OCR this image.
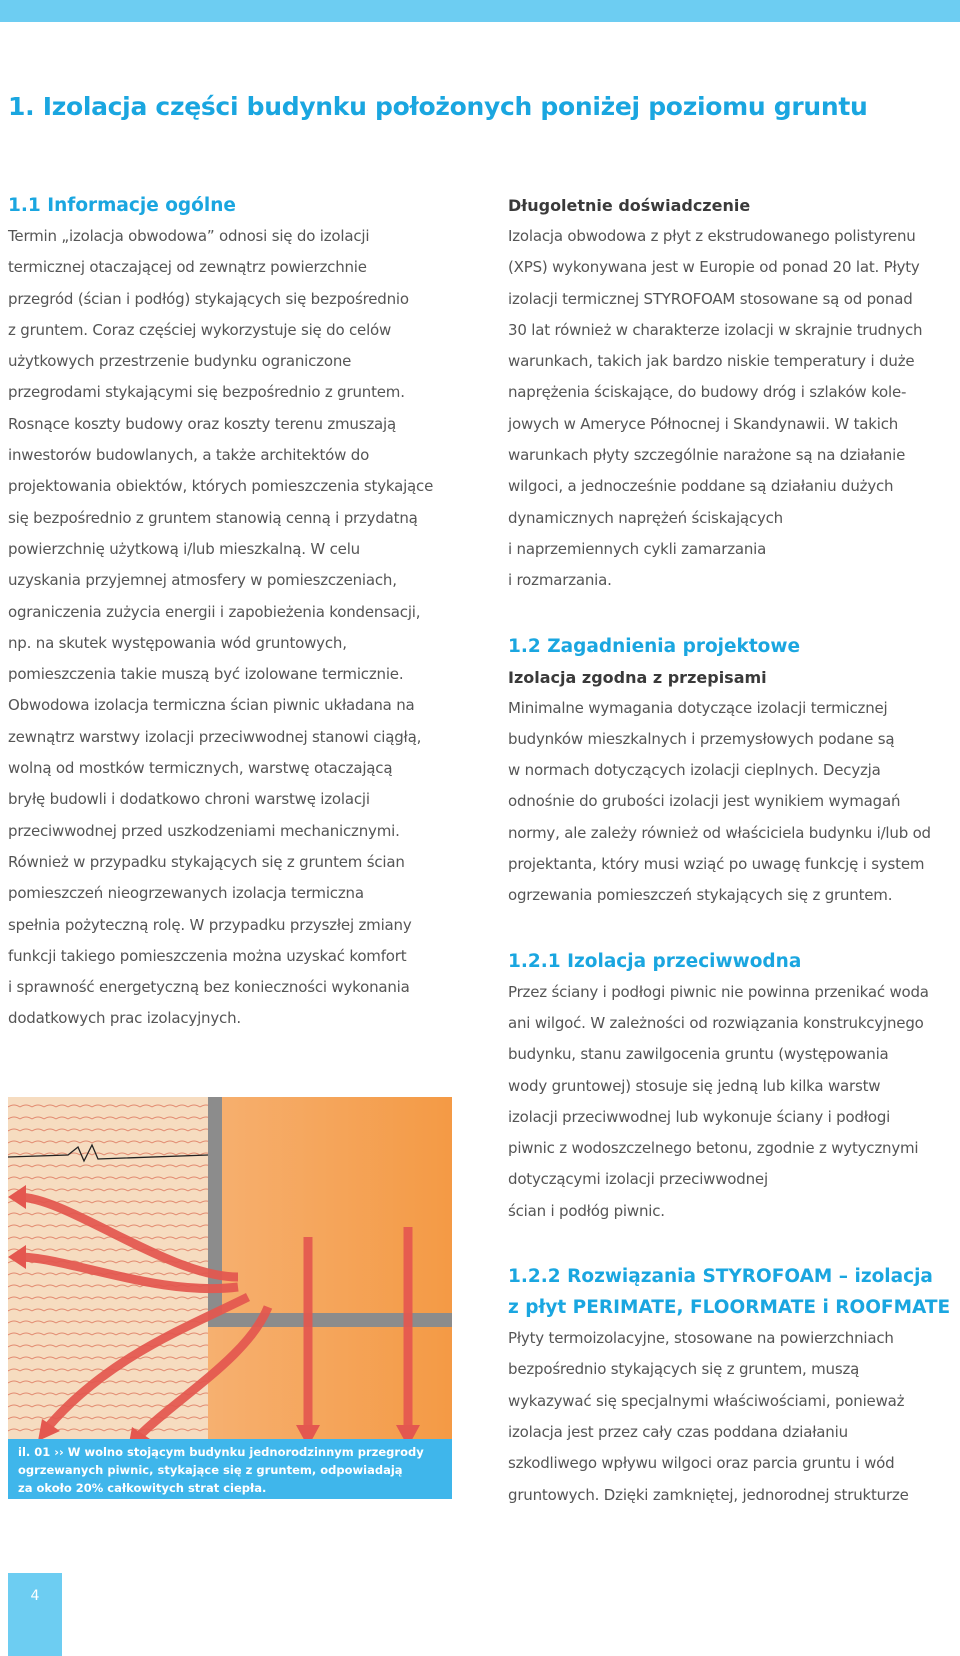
1. Izolacja części budynku położonych poniżej poziomu gruntu
1.1 Informacje ogólne
Termin „izolacja obwodowa” odnosi się do izolacji
termicznej otaczającej od zewnątrz powierzchnie
przegród (ścian i podłóg) stykających się bezpośrednio
z gruntem. Coraz częściej wykorzystuje się do celów
użytkowych przestrzenie budynku ograniczone
przegrodami stykającymi się bezpośrednio z gruntem.
Rosnące koszty budowy oraz koszty terenu zmuszają
inwestorów budowlanych, a także architektów do
projektowania obiektów, których pomieszczenia stykające
się bezpośrednio z gruntem stanowią cenną i przydatną
powierzchnię użytkową i/lub mieszkalną. W celu
uzyskania przyjemnej atmosfery w pomieszczeniach,
ograniczenia zużycia energii i zapobieżenia kondensacji,
np. na skutek występowania wód gruntowych,
pomieszczenia takie muszą być izolowane termicznie.
Obwodowa izolacja termiczna ścian piwnic układana na
zewnątrz warstwy izolacji przeciwwodnej stanowi ciągłą,
wolną od mostków termicznych, warstwę otaczającą
bryłę budowli i dodatkowo chroni warstwę izolacji
przeciwwodnej przed uszkodzeniami mechanicznymi.
Również w przypadku stykających się z gruntem ścian
pomieszczeń nieogrzewanych izolacja termiczna
spełnia pożyteczną rolę. W przypadku przyszłej zmiany
funkcji takiego pomieszczenia można uzyskać komfort
i sprawność energetyczną bez konieczności wykonania
dodatkowych prac izolacyjnych.
Długoletnie doświadczenie
Izolacja obwodowa z płyt z ekstrudowanego polistyrenu
(XPS) wykonywana jest w Europie od ponad 20 lat. Płyty
izolacji termicznej STYROFOAM stosowane są od ponad
30 lat również w charakterze izolacji w skrajnie trudnych
warunkach, takich jak bardzo niskie temperatury i duże
naprężenia ściskające, do budowy dróg i szlaków kole-
jowych w Ameryce Północnej i Skandynawii. W takich
warunkach płyty szczególnie narażone są na działanie
wilgoci, a jednocześnie poddane są działaniu dużych
dynamicznych naprężeń ściskających
i naprzemiennych cykli zamarzania
i rozmarzania.
1.2 Zagadnienia projektowe
Izolacja zgodna z przepisami
Minimalne wymagania dotyczące izolacji termicznej
budynków mieszkalnych i przemysłowych podane są
w normach dotyczących izolacji cieplnych. Decyzja
odnośnie do grubości izolacji jest wynikiem wymagań
normy, ale zależy również od właściciela budynku i/lub od
projektanta, który musi wziąć po uwagę funkcję i system
ogrzewania pomieszczeń stykających się z gruntem.
1.2.1 Izolacja przeciwwodna
Przez ściany i podłogi piwnic nie powinna przenikać woda
ani wilgoć. W zależności od rozwiązania konstrukcyjnego
budynku, stanu zawilgocenia gruntu (występowania
wody gruntowej) stosuje się jedną lub kilka warstw
izolacji przeciwwodnej lub wykonuje ściany i podłogi
piwnic z wodoszczelnego betonu, zgodnie z wytycznymi
dotyczącymi izolacji przeciwwodnej
ścian i podłóg piwnic.
1.2.2 Rozwiązania STYROFOAM – izolacja
z płyt PERIMATE, FLOORMATE i ROOFMATE
Płyty termoizolacyjne, stosowane na powierzchniach
bezpośrednio stykających się z gruntem, muszą
wykazywać się specjalnymi właściwościami, ponieważ
izolacja jest przez cały czas poddana działaniu
szkodliwego wpływu wilgoci oraz parcia gruntu i wód
gruntowych. Dzięki zamkniętej, jednorodnej strukturze
il. 01 ›› W wolno stojącym budynku jednorodzinnym przegrody
ogrzewanych piwnic, stykające się z gruntem, odpowiadają
za około 20% całkowitych strat ciepła.
4
